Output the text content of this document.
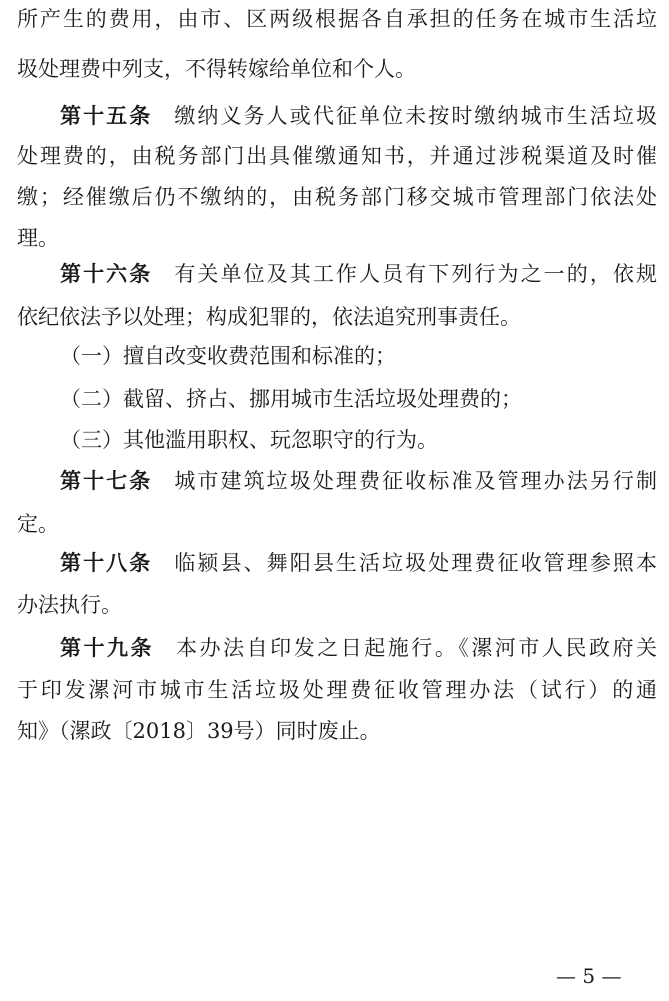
所产生的费用，由市、区两级根据各自承担的任务在城市生活垃
圾处理费中列支，不得转嫁给单位和个人。
第十五条 缴纳义务人或代征单位未按时缴纳城市生活垃圾
处理费的，由税务部门出具催缴通知书，并通过涉税渠道及时催
缴；经催缴后仍不缴纳的，由税务部门移交城市管理部门依法处
理。
第十六条 有关单位及其工作人员有下列行为之一的，依规
依纪依法予以处理；构成犯罪的，依法追究刑事责任。
（一）擅自改变收费范围和标准的；
（二）截留、挤占、挪用城市生活垃圾处理费的；
（三）其他滥用职权、玩忽职守的行为。
第十七条 城市建筑垃圾处理费征收标准及管理办法另行制
定。
第十八条 临颍县、舞阳县生活垃圾处理费征收管理参照本
办法执行。
第十九条 本办法自印发之日起施行。《漯河市人民政府关
于印发漯河市城市生活垃圾处理费征收管理办法（试行）的通
知》（漯政〔2018〕39号）同时废止。
— 5 —
